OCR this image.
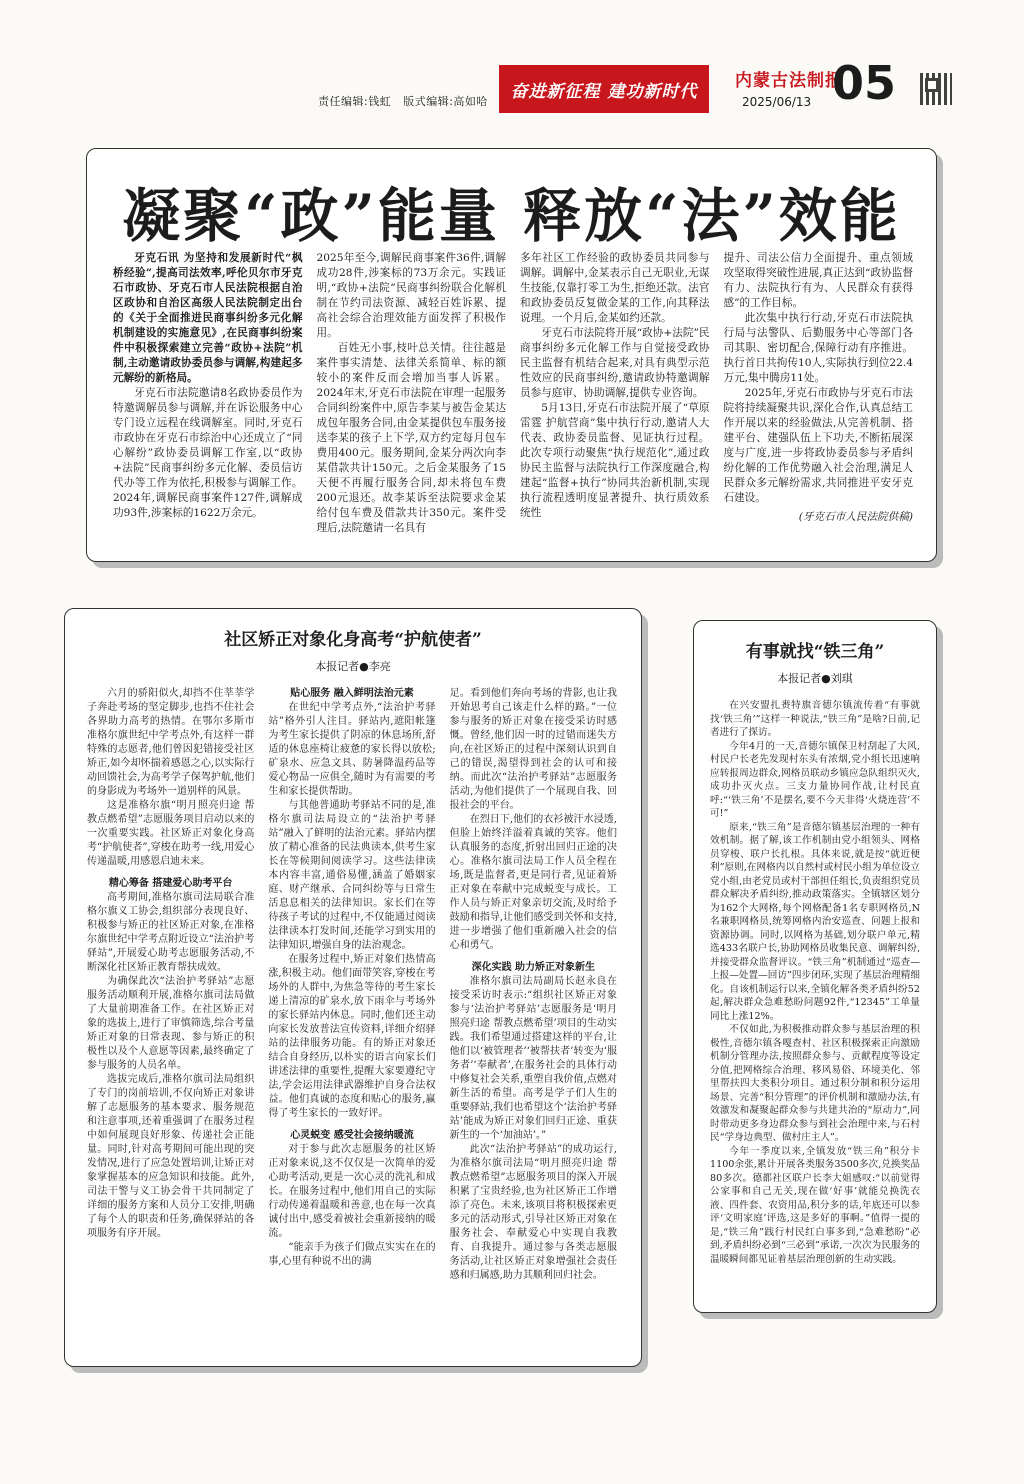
责任编辑:钱虹 版式编辑:高如哈	奋进新征程 建功新时代
内蒙古法制报
2025/06/13 05
凝聚“政”能量 释放“法”效能

牙克石讯 为坚持和发展新时代“枫桥经验”,提高司法效率,呼伦贝尔市牙克石市政协、牙克石市人民法院根据自治区政协和自治区高级人民法院制定出台的《关于全面推进民商事纠纷多元化解机制建设的实施意见》,在民商事纠纷案件中积极探索建立完善“政协+法院”机制,主动邀请政协委员参与调解,构建起多元解纷的新格局。

牙克石市法院邀请8名政协委员作为特邀调解员参与调解,并在诉讼服务中心专门设立远程在线调解室。同时,牙克石市政协在牙克石市综治中心还成立了“同心解纷”政协委员调解工作室,以“政协+法院”民商事纠纷多元化解、委员信访代办等工作为依托,积极参与调解工作。2024年,调解民商事案件127件,调解成功93件,涉案标的1622万余元。

2025年至今,调解民商事案件36件,调解成功28件,涉案标的73万余元。实践证明,“政协+法院”民商事纠纷联合化解机制在节约司法资源、减轻百姓诉累、提高社会综合治理效能方面发挥了积极作用。

百姓无小事,枝叶总关情。往往越是案件事实清楚、法律关系简单、标的额较小的案件反而会增加当事人诉累。2024年末,牙克石市法院在审理一起服务合同纠纷案件中,原告李某与被告金某达成包年服务合同,由金某提供包车服务接送李某的孩子上下学,双方约定每月包车费用400元。服务期间,金某分两次向李某借款共计150元。之后金某服务了15天便不再履行服务合同,却未将包车费200元退还。故李某诉至法院要求金某给付包车费及借款共计350元。案件受理后,法院邀请一名具有

多年社区工作经验的政协委员共同参与调解。调解中,金某表示自己无职业,无谋生技能,仅靠打零工为生,拒绝还款。法官和政协委员反复做金某的工作,向其释法说理。一个月后,金某如约还款。

牙克石市法院将开展“政协+法院”民商事纠纷多元化解工作与自觉接受政协民主监督有机结合起来,对具有典型示范性效应的民商事纠纷,邀请政协特邀调解员参与庭审、协助调解,提供专业咨询。

5月13日,牙克石市法院开展了“草原雷霆 护航营商”集中执行行动,邀请人大代表、政协委员监督、见证执行过程。此次专项行动聚焦“执行规范化”,通过政协民主监督与法院执行工作深度融合,构建起“监督+执行”协同共治新机制,实现执行流程透明度显著提升、执行质效系统性

提升、司法公信力全面提升、重点领域攻坚取得突破性进展,真正达到“政协监督有力、法院执行有为、人民群众有获得感”的工作目标。

此次集中执行行动,牙克石市法院执行局与法警队、后勤服务中心等部门各司其职、密切配合,保障行动有序推进。执行首日共拘传10人,实际执行到位22.4万元,集中腾房11处。

2025年,牙克石市政协与牙克石市法院将持续凝聚共识,深化合作,认真总结工作开展以来的经验做法,从完善机制、搭建平台、建强队伍上下功夫,不断拓展深度与广度,进一步将政协委员参与矛盾纠纷化解的工作优势融入社会治理,满足人民群众多元解纷需求,共同推进平安牙克石建设。

(牙克石市人民法院供稿)

社区矫正对象化身高考“护航使者”
本报记者●李亮

六月的骄阳似火,却挡不住莘莘学子奔赴考场的坚定脚步,也挡不住社会各界助力高考的热情。在鄂尔多斯市准格尔旗世纪中学考点外,有这样一群特殊的志愿者,他们曾因犯错接受社区矫正,如今却怀揣着感恩之心,以实际行动回馈社会,为高考学子保驾护航,他们的身影成为考场外一道别样的风景。

这是准格尔旗“明月照亮归途 帮教点燃希望”志愿服务项目启动以来的一次重要实践。社区矫正对象化身高考“护航使者”,穿梭在助考一线,用爱心传递温暖,用感恩启迪未来。

精心筹备 搭建爱心助考平台

高考期间,准格尔旗司法局联合准格尔旗义工协会,组织部分表现良好、积极参与矫正的社区矫正对象,在准格尔旗世纪中学考点附近设立“法治护考驿站”,开展爱心助考志愿服务活动,不断深化社区矫正教育帮扶成效。

为确保此次“法治护考驿站”志愿服务活动顺利开展,准格尔旗司法局做了大量前期准备工作。在社区矫正对象的选拔上,进行了审慎筛选,综合考量矫正对象的日常表现、参与矫正的积极性以及个人意愿等因素,最终确定了参与服务的人员名单。

选拔完成后,准格尔旗司法局组织了专门的岗前培训,不仅向矫正对象讲解了志愿服务的基本要求、服务规范和注意事项,还着重强调了在服务过程中如何展现良好形象、传递社会正能量。同时,针对高考期间可能出现的突发情况,进行了应急处置培训,让矫正对象掌握基本的应急知识和技能。此外,司法干警与义工协会骨干共同制定了详细的服务方案和人员分工安排,明确了每个人的职责和任务,确保驿站的各项服务有序开展。

贴心服务 融入鲜明法治元素

在世纪中学考点外,“法治护考驿站”格外引人注目。驿站内,遮阳帐篷为考生家长提供了阴凉的休息场所,舒适的休息座椅让疲惫的家长得以放松;矿泉水、应急文具、防暑降温药品等爱心物品一应俱全,随时为有需要的考生和家长提供帮助。

与其他普通助考驿站不同的是,准格尔旗司法局设立的“法治护考驿站”融入了鲜明的法治元素。驿站内摆放了精心准备的民法典读本,供考生家长在等候期间阅读学习。这些法律读本内容丰富,通俗易懂,涵盖了婚姻家庭、财产继承、合同纠纷等与日常生活息息相关的法律知识。家长们在等待孩子考试的过程中,不仅能通过阅读法律读本打发时间,还能学习到实用的法律知识,增强自身的法治观念。

在服务过程中,矫正对象们热情高涨,积极主动。他们面带笑容,穿梭在考场外的人群中,为焦急等待的考生家长递上清凉的矿泉水,放下雨伞与考场外的家长驿站内休息。同时,他们还主动向家长发放普法宣传资料,详细介绍驿站的法律服务功能。有的矫正对象还结合自身经历,以朴实的语言向家长们讲述法律的重要性,提醒大家要遵纪守法,学会运用法律武器维护自身合法权益。他们真诚的态度和贴心的服务,赢得了考生家长的一致好评。

心灵蜕变 感受社会接纳暖流

对于参与此次志愿服务的社区矫正对象来说,这不仅仅是一次简单的爱心助考活动,更是一次心灵的洗礼和成长。在服务过程中,他们用自己的实际行动传递着温暖和善意,也在每一次真诚付出中,感受着被社会重新接纳的暖流。

“能亲手为孩子们做点实实在在的事,心里有种说不出的满

足。看到他们奔向考场的背影,也让我开始思考自己该走什么样的路。”一位参与服务的矫正对象在接受采访时感慨。曾经,他们因一时的过错而迷失方向,在社区矫正的过程中深刻认识到自己的错误,渴望得到社会的认可和接纳。而此次“法治护考驿站”志愿服务活动,为他们提供了一个展现自我、回报社会的平台。

在烈日下,他们的衣衫被汗水浸透,但脸上始终洋溢着真诚的笑容。他们认真服务的态度,折射出回归正途的决心。准格尔旗司法局工作人员全程在场,既是监督者,更是同行者,见证着矫正对象在奉献中完成蜕变与成长。工作人员与矫正对象亲切交流,及时给予鼓励和指导,让他们感受到关怀和支持,进一步增强了他们重新融入社会的信心和勇气。

深化实践 助力矫正对象新生

准格尔旗司法局副局长赵永良在接受采访时表示:“组织社区矫正对象参与‘法治护考驿站’志愿服务是‘明月照亮归途 帮教点燃希望’项目的生动实践。我们希望通过搭建这样的平台,让他们以‘被管理者’‘被帮扶者’转变为‘服务者’‘奉献者’,在服务社会的具体行动中修复社会关系,重塑自我价值,点燃对新生活的希望。高考是学子们人生的重要驿站,我们也希望这个‘法治护考驿站’能成为矫正对象们回归正途、重获新生的一个‘加油站’。”

此次“法治护考驿站”的成功运行,为准格尔旗司法局“明月照亮归途 帮教点燃希望”志愿服务项目的深入开展积累了宝贵经验,也为社区矫正工作增添了亮色。未来,该项目将积极探索更多元的活动形式,引导社区矫正对象在服务社会、奉献爱心中实现自我教育、自我提升。通过参与各类志愿服务活动,让社区矫正对象增强社会责任感和归属感,助力其顺利回归社会。

有事就找“铁三角”
本报记者●刘琪

在兴安盟扎赉特旗音德尔镇流传着“有事就找‘铁三角’”这样一种说法,“铁三角”是啥?日前,记者进行了探访。

今年4月的一天,音德尔镇保卫村刮起了大风,村民户长老先发现村东头有浓烟,党小组长迅速响应转报周边群众,网格员联动乡镇应急队组织灭火,成功扑灭火点。三支力量协同作战,让村民直呼:“‘铁三角’不是摆名,要不今天非得‘火烧连营’不可!”

原来,“铁三角”是音德尔镇基层治理的一种有效机制。据了解,该工作机制由党小组领头、网格员穿梭、联户长扎根。具体来说,就是按“就近便利”原则,在网格内以自然村或村民小组为单位设立党小组,由老党员或村干部担任组长,负责组织党员群众解决矛盾纠纷,推动政策落实。全镇辖区划分为162个大网格,每个网格配备1名专职网格员,N名兼职网格员,统筹网格内治安巡查、问题上报和资源协调。同时,以网格为基础,划分联户单元,精选433名联户长,协助网格员收集民意、调解纠纷,并接受群众监督评议。“铁三角”机制通过“巡查—上报—处置—回访”四步闭环,实现了基层治理精细化。自该机制运行以来,全镇化解各类矛盾纠纷52起,解决群众急难愁盼问题92件,“12345”工单量同比上涨12%。

不仅如此,为积极推动群众参与基层治理的积极性,音德尔镇各嘎查村、社区积极探索正向激励机制分管理办法,按照群众参与、贡献程度等设定分值,把网格综合治理、移风易俗、环境美化、邻里帮扶四大类积分项目。通过积分制和积分运用场景、完善“积分管理”的评价机制和激励办法,有效激发和凝聚起群众参与共建共治的“原动力”,同时带动更多身边群众参与到社会治理中来,与石村民“学身边典型、做村庄主人”。

今年一季度以来,全镇发放“铁三角”积分卡1100余张,累计开展各类服务3500多次,兑换奖品80多次。德都社区联户长李大姐感叹:“以前觉得公家事和自己无关,现在做‘好事’就能兑换洗衣液、四件套、农资用品,积分多的话,年底还可以参评‘文明家庭’评选,这是多好的事啊。”值得一提的是,“铁三角”践行村民红白事多到,“急难愁盼”必到,矛盾纠纷必到“三必到”承诺,一次次为民服务的温暖瞬间都见证着基层治理创新的生动实践。
